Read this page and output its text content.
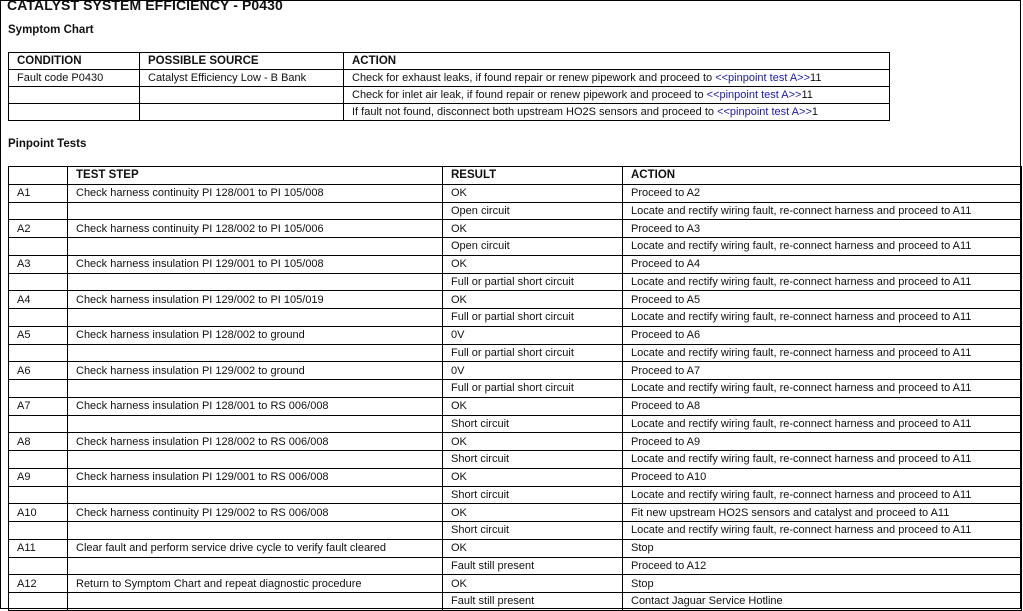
CATALYST SYSTEM EFFICIENCY - P0430
Symptom Chart
CONDITION	POSSIBLE SOURCE	ACTION
Fault code P0430	Catalyst Efficiency Low - B Bank	Check for exhaust leaks, if found repair or renew pipework and proceed to <<pinpoint test A>>11
		Check for inlet air leak, if found repair or renew pipework and proceed to <<pinpoint test A>>11
		If fault not found, disconnect both upstream HO2S sensors and proceed to <<pinpoint test A>>1
Pinpoint Tests
	TEST STEP	RESULT	ACTION
A1	Check harness continuity PI 128/001 to PI 105/008	OK	Proceed to A2
		Open circuit	Locate and rectify wiring fault, re-connect harness and proceed to A11
A2	Check harness continuity PI 128/002 to PI 105/006	OK	Proceed to A3
		Open circuit	Locate and rectify wiring fault, re-connect harness and proceed to A11
A3	Check harness insulation PI 129/001 to PI 105/008	OK	Proceed to A4
		Full or partial short circuit	Locate and rectify wiring fault, re-connect harness and proceed to A11
A4	Check harness insulation PI 129/002 to PI 105/019	OK	Proceed to A5
		Full or partial short circuit	Locate and rectify wiring fault, re-connect harness and proceed to A11
A5	Check harness insulation PI 128/002 to ground	0V	Proceed to A6
		Full or partial short circuit	Locate and rectify wiring fault, re-connect harness and proceed to A11
A6	Check harness insulation PI 129/002 to ground	0V	Proceed to A7
		Full or partial short circuit	Locate and rectify wiring fault, re-connect harness and proceed to A11
A7	Check harness insulation PI 128/001 to RS 006/008	OK	Proceed to A8
		Short circuit	Locate and rectify wiring fault, re-connect harness and proceed to A11
A8	Check harness insulation PI 128/002 to RS 006/008	OK	Proceed to A9
		Short circuit	Locate and rectify wiring fault, re-connect harness and proceed to A11
A9	Check harness insulation PI 129/001 to RS 006/008	OK	Proceed to A10
		Short circuit	Locate and rectify wiring fault, re-connect harness and proceed to A11
A10	Check harness continuity PI 129/002 to RS 006/008	OK	Fit new upstream HO2S sensors and catalyst and proceed to A11
		Short circuit	Locate and rectify wiring fault, re-connect harness and proceed to A11
A11	Clear fault and perform service drive cycle to verify fault cleared	OK	Stop
		Fault still present	Proceed to A12
A12	Return to Symptom Chart and repeat diagnostic procedure	OK	Stop
		Fault still present	Contact Jaguar Service Hotline
